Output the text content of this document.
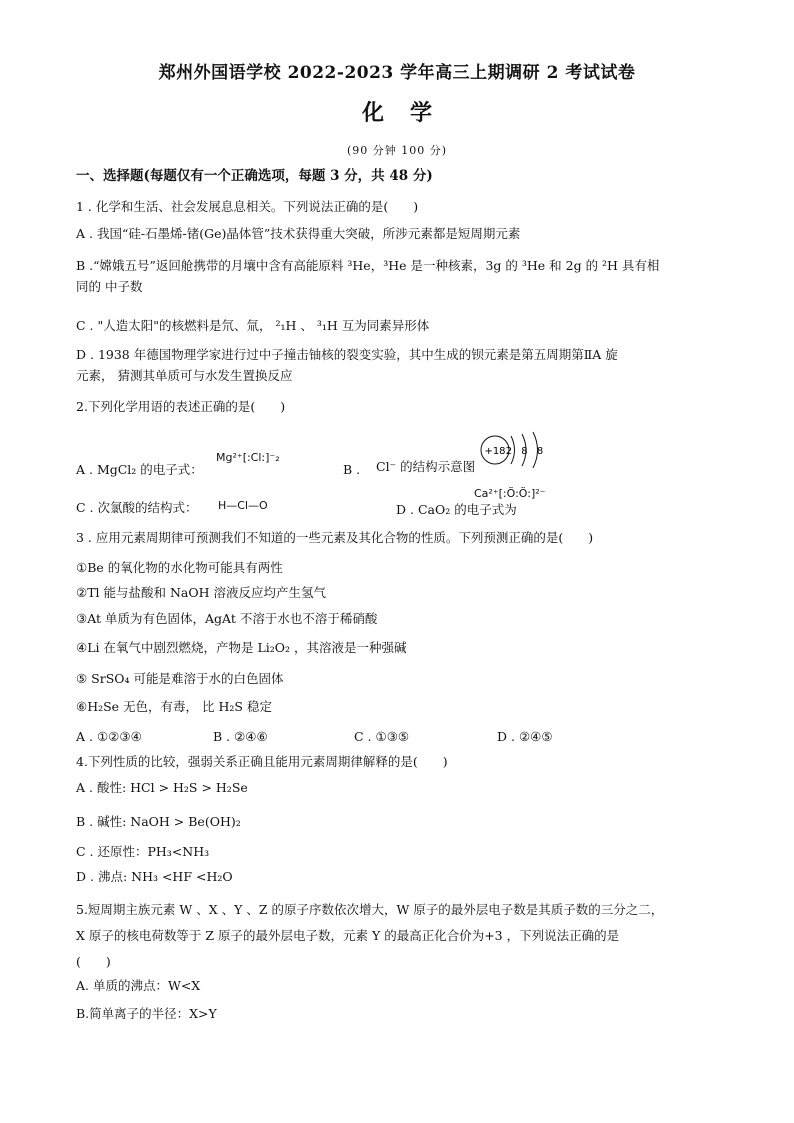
郑州外国语学校 2022-2023 学年高三上期调研 2 考试试卷
化学
(90 分钟 100 分)
一、选择题(每题仅有一个正确选项，每题 3 分，共 48 分)
1 . 化学和生活、社会发展息息相关。下列说法正确的是(　　)
A . 我国“硅-石墨烯-锗(Ge)晶体管”技术获得重大突破，所涉元素都是短周期元素
B .“嫦娥五号”返回舱携带的月壤中含有高能原料 ³He，³He 是一种核素，3g 的 ³He 和 2g 的 ²H 具有相
同的 中子数
C . "人造太阳"的核燃料是氘、氚， ²₁H 、 ³₁H 互为同素异形体
D . 1938 年德国物理学家进行过中子撞击铀核的裂变实验，其中生成的钡元素是第五周期第ⅡA 旋
元素， 猜测其单质可与水发生置换反应
2.下列化学用语的表述正确的是(　　)
A . MgCl₂ 的电子式：
Mg²⁺[:Cl:]⁻₂
B . Cl⁻ 的结构示意图
+18 2 8 8
C . 次氯酸的结构式： H—Cl—O	D . CaO₂ 的电子式为
Ca²⁺[:Ö:Ö:]²⁻
3 . 应用元素周期律可预测我们不知道的一些元素及其化合物的性质。下列预测正确的是(　　)
①Be 的氧化物的水化物可能具有两性
②Tl 能与盐酸和 NaOH 溶液反应均产生氢气
③At 单质为有色固体，AgAt 不溶于水也不溶于稀硝酸
④Li 在氧气中剧烈燃烧，产物是 Li₂O₂ ，其溶液是一种强碱
⑤ SrSO₄ 可能是难溶于水的白色固体
⑥H₂Se 无色，有毒， 比 H₂S 稳定
A . ①②③④	B . ②④⑥	C . ①③⑤	D . ②④⑤
4.下列性质的比较，强弱关系正确且能用元素周期律解释的是(　　)
A . 酸性: HCl > H₂S > H₂Se
B . 碱性: NaOH > Be(OH)₂
C . 还原性：PH₃<NH₃
D . 沸点: NH₃ <HF <H₂O
5.短周期主族元素 W 、X 、Y 、Z 的原子序数依次增大，W 原子的最外层电子数是其质子数的三分之二，
X 原子的核电荷数等于 Z 原子的最外层电子数，元素 Y 的最高正化合价为+3 ，下列说法正确的是
(　　)
A. 单质的沸点：W<X
B.简单离子的半径：X>Y
